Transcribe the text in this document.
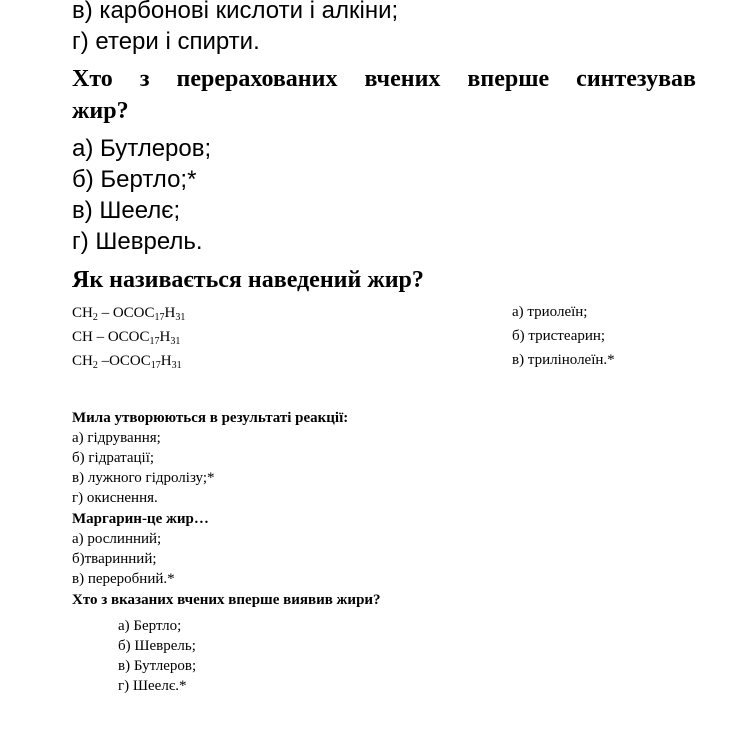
в) карбонові кислоти і алкіни;
г) етери і спирти.
Хто з перерахованих вчених вперше синтезував
жир?
а) Бутлеров;
б) Бертло;*
в) Шеелє;
г) Шеврель.
Як називається наведений жир?
$CH_2$ – $OCOC_{17}H_{31}$
CH – $OCOC_{17}H_{31}$
$CH_2$ $-OCOC_{17}H_{31}$
а) триолеїн;
б) тристеарин;
в) трилінолеїн.*
Мила утворюються в результаті реакції:
а) гідрування;
б) гідратації;
в) лужного гідролізу;*
г) окиснення.
Маргарин-це жир…
а) рослинний;
б)тваринний;
в) переробний.*
Хто з вказаних вчених вперше виявив жири?
а) Бертло;
б) Шеврель;
в) Бутлеров;
г) Шеелє.*
